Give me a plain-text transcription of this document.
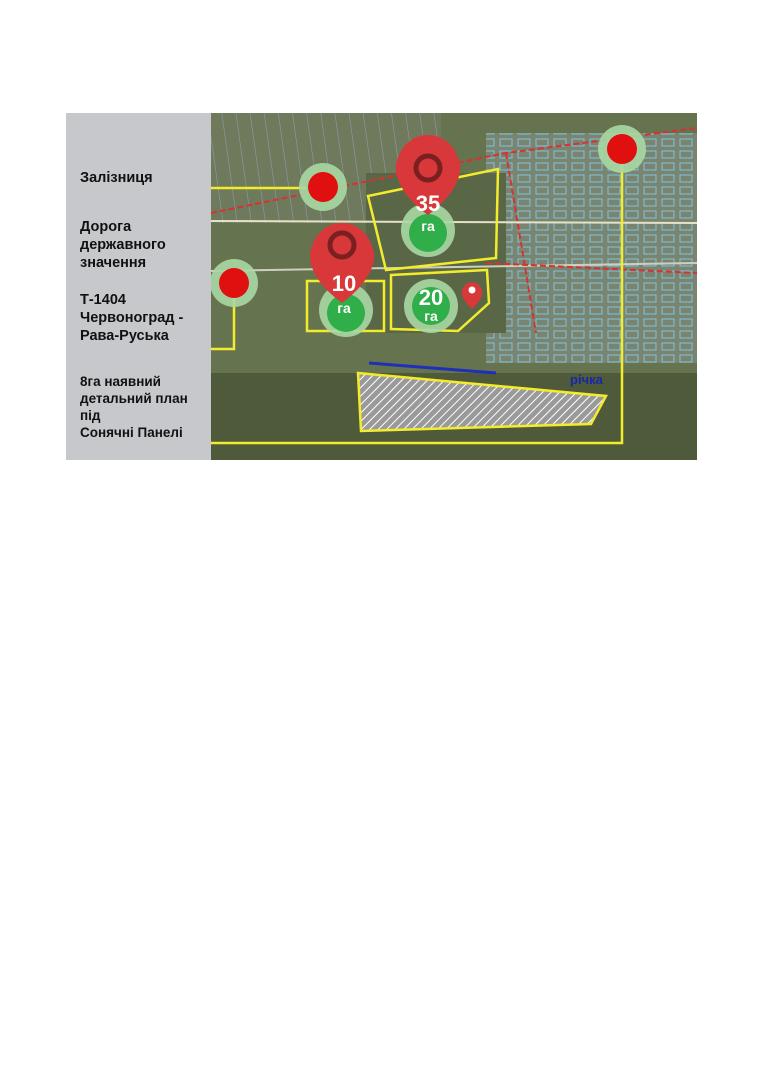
Залізниця
Дорога
державного
значення
Т-1404
Червоноград -
Рава-Руська
8га наявний
детальний план
під
Сонячні Панелі
річка
35
га
10
га	20
га
